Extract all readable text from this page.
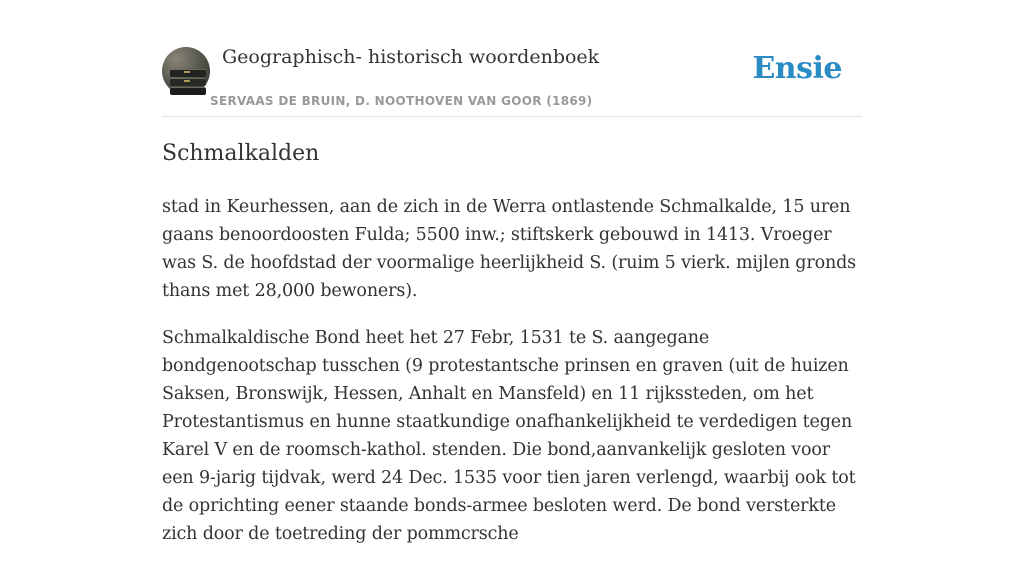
Geographisch- historisch woordenboek
SERVAAS DE BRUIN, D. NOOTHOVEN VAN GOOR (1869)
Ensie
Schmalkalden

stad in Keurhessen, aan de zich in de Werra ontlastende Schmalkalde, 15 uren gaans benoordoosten Fulda; 5500 inw.; stiftskerk gebouwd in 1413. Vroeger was S. de hoofdstad der voormalige heerlijkheid S. (ruim 5 vierk. mijlen gronds thans met 28,000 bewoners).

Schmalkaldische Bond heet het 27 Febr, 1531 te S. aangegane bondgenootschap tusschen (9 protestantsche prinsen en graven (uit de huizen Saksen, Bronswijk, Hessen, Anhalt en Mansfeld) en 11 rijkssteden, om het Protestantismus en hunne staatkundige onafhankelijkheid te verdedigen tegen Karel V en de roomsch-kathol. stenden. Die bond,aanvankelijk gesloten voor een 9-jarig tijdvak, werd 24 Dec. 1535 voor tien jaren verlengd, waarbij ook tot de oprichting eener staande bonds-armee besloten werd. De bond versterkte zich door de toetreding der pommcrsche
